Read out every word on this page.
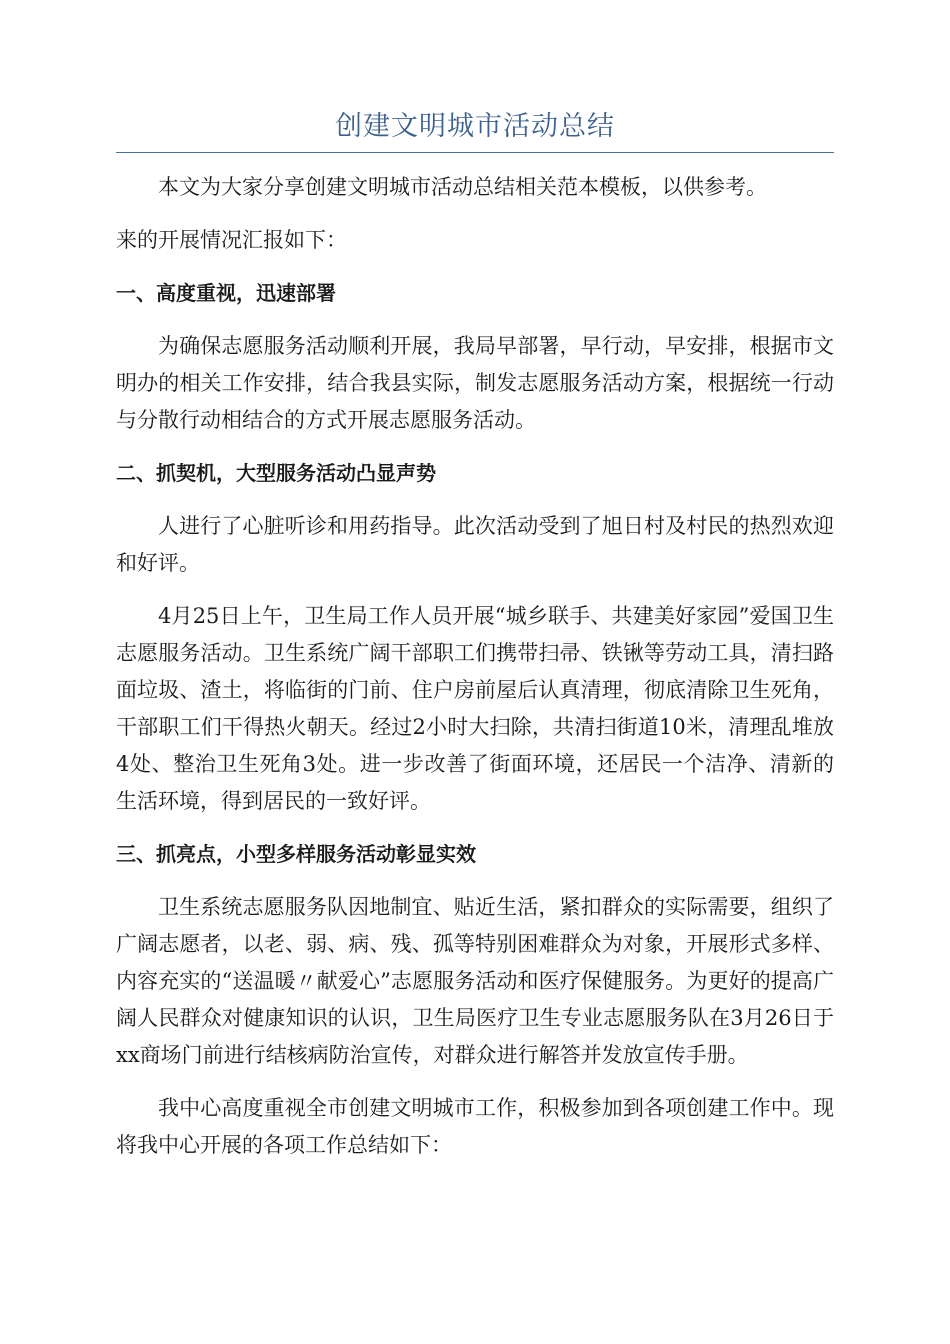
创建文明城市活动总结

本文为大家分享创建文明城市活动总结相关范本模板，以供参考。

来的开展情况汇报如下：

一、高度重视，迅速部署

为确保志愿服务活动顺利开展，我局早部署，早行动，早安排，根据市文明办的相关工作安排，结合我县实际，制发志愿服务活动方案，根据统一行动与分散行动相结合的方式开展志愿服务活动。

二、抓契机，大型服务活动凸显声势

人进行了心脏听诊和用药指导。此次活动受到了旭日村及村民的热烈欢迎和好评。

4月25日上午，卫生局工作人员开展“城乡联手、共建美好家园”爱国卫生志愿服务活动。卫生系统广阔干部职工们携带扫帚、铁锹等劳动工具，清扫路面垃圾、渣土，将临街的门前、住户房前屋后认真清理，彻底清除卫生死角，干部职工们干得热火朝天。经过2小时大扫除，共清扫街道10米，清理乱堆放4处、整治卫生死角3处。进一步改善了街面环境，还居民一个洁净、清新的生活环境，得到居民的一致好评。

三、抓亮点，小型多样服务活动彰显实效

卫生系统志愿服务队因地制宜、贴近生活，紧扣群众的实际需要，组织了广阔志愿者，以老、弱、病、残、孤等特别困难群众为对象，开展形式多样、内容充实的“送温暖〃献爱心”志愿服务活动和医疗保健服务。为更好的提高广阔人民群众对健康知识的认识，卫生局医疗卫生专业志愿服务队在3月26日于xx商场门前进行结核病防治宣传，对群众进行解答并发放宣传手册。

我中心高度重视全市创建文明城市工作，积极参加到各项创建工作中。现将我中心开展的各项工作总结如下：
